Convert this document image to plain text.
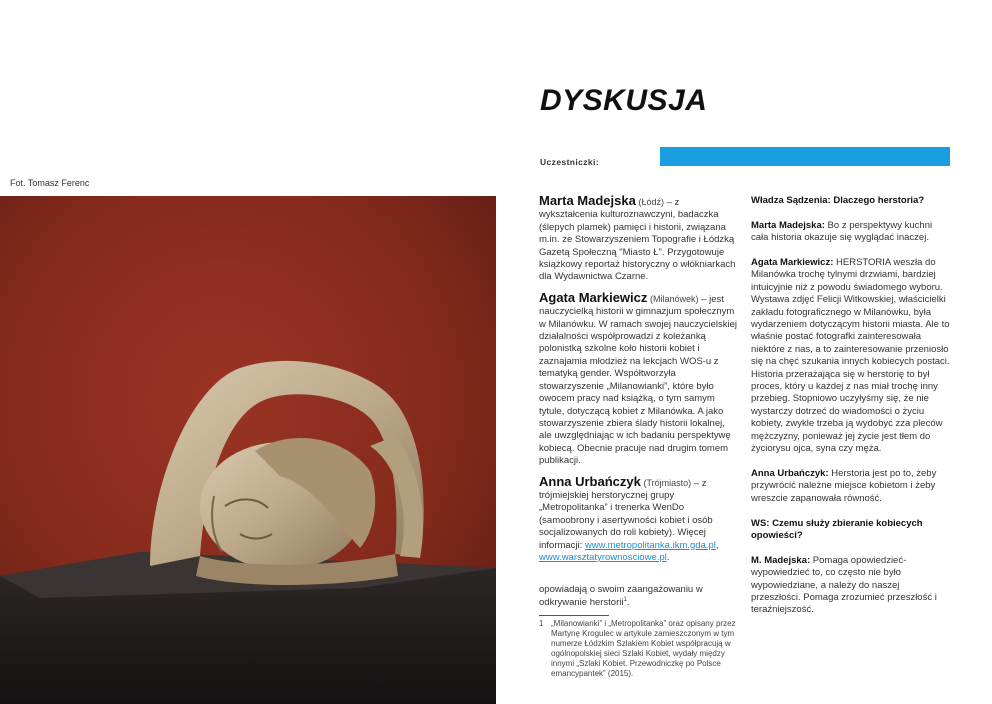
Fot. Tomasz Ferenc
DYSKUSJA
Uczestniczki:
Marta Madejska (Łódź) – z wykształcenia kulturoznawczyni, badaczka (ślepych plamek) pamięci i historii, związana m.in. ze Stowarzyszeniem Topografie i Łódzką Gazetą Społeczną "Miasto Ł". Przygotowuje książkowy reportaż historyczny o włókniarkach dla Wydawnictwa Czarne.
Agata Markiewicz (Milanówek) – jest nauczycielką historii w gimnazjum społecznym w Milanówku. W ramach swojej nauczycielskiej działalności współprowadzi z koleżanką polonistką szkolne koło historii kobiet i zaznajamia młodzież na lekcjach WOS-u z tematyką gender. Współtworzyła stowarzyszenie „Milanowianki”, które było owocem pracy nad książką, o tym samym tytule, dotyczącą kobiet z Milanówka. A jako stowarzyszenie zbiera ślady historii lokalnej, ale uwzględniając w ich badaniu perspektywę kobiecą. Obecnie pracuje nad drugim tomem publikacji.
Anna Urbańczyk (Trójmiasto) – z trójmiejskiej herstorycznej grupy „Metropolitanka” i trenerka WenDo (samoobrony i asertywności kobiet i osób socjalizowanych do roli kobiety). Więcej informacji: www.metropolitanka.ikm.gda.pl, www.warsztatyrownosciowe.pl.
opowiadają o swoim zaangażowaniu w odkrywanie herstorii$^1$.
1 „Milanowianki” i „Metropolitanka” oraz opisany przez Martynę Krogulec w artykule zamieszczonym w tym numerze Łódzkim Szlakiem Kobiet współpracują w ogólnopolskiej sieci Szlaki Kobiet, wydały między innymi „Szlaki Kobiet. Przewodniczkę po Polsce emancypantek” (2015).
Władza Sądzenia: Dlaczego herstoria?
Marta Madejska: Bo z perspektywy kuchni cała historia okazuje się wyglądać inaczej.
Agata Markiewicz: HERSTORIA weszła do Milanówka trochę tylnymi drzwiami, bardziej intuicyjnie niż z powodu świadomego wyboru. Wystawa zdjęć Felicji Witkowskiej, właścicielki zakładu fotograficznego w Milanówku, była wydarzeniem dotyczącym historii miasta. Ale to właśnie postać fotografki zainteresowała niektóre z nas, a to zainteresowanie przeniosło się na chęć szukania innych kobiecych postaci. Historia przerażająca się w herstorię to był proces, który u każdej z nas miał trochę inny przebieg. Stopniowo uczyłyśmy się, że nie wystarczy dotrzeć do wiadomości o życiu kobiety, zwykle trzeba ją wydobyć zza pleców mężczyzny, ponieważ jej życie jest tłem do życiorysu ojca, syna czy męża.
Anna Urbańczyk: Herstoria jest po to, żeby przywrócić należne miejsce kobietom i żeby wreszcie zapanowała równość.
WS: Czemu służy zbieranie kobiecych opowieści?
M. Madejska: Pomaga opowiedzieć-wypowiedzieć to, co często nie było wypowiedziane, a należy do naszej przeszłości. Pomaga zrozumieć przeszłość i teraźniejszość.
